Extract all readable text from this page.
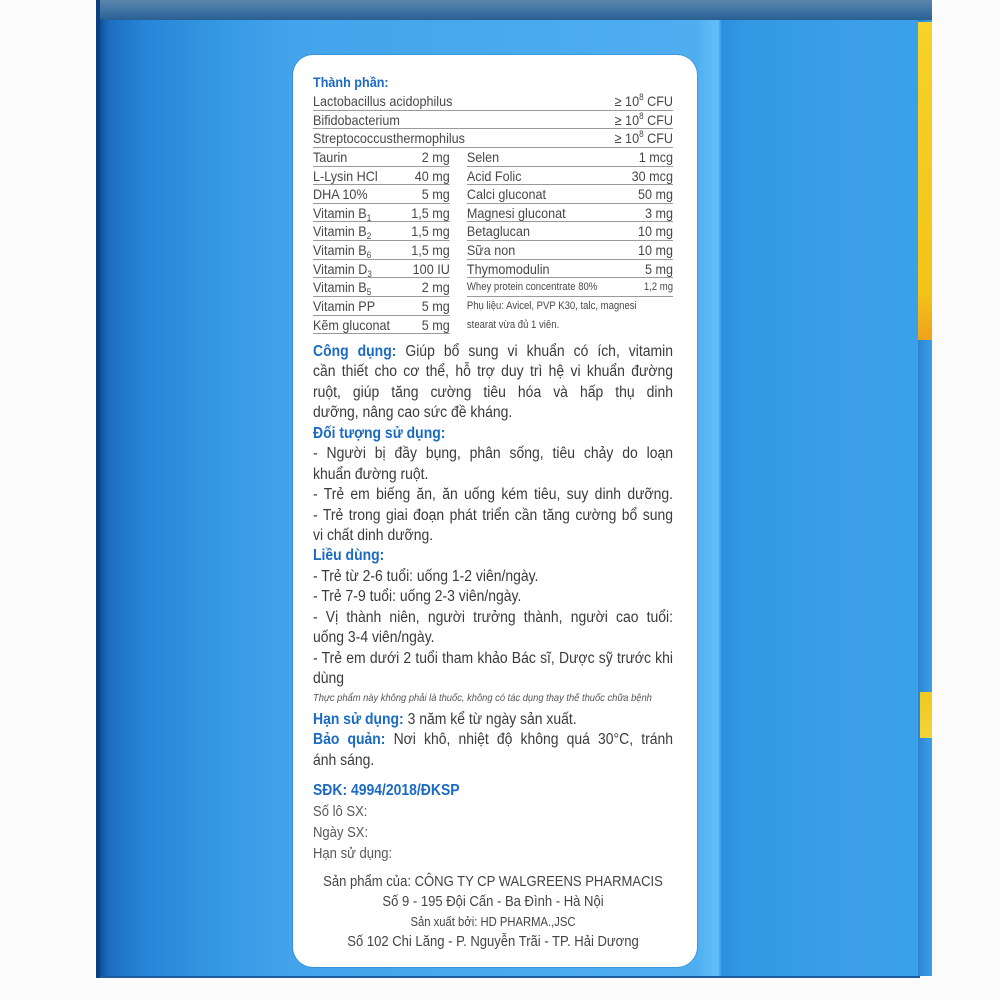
Thành phần:
Lactobacillus acidophilus	≥ $10^8$ CFU
Bifidobacterium	≥ $10^8$ CFU
Streptococcusthermophilus	≥ $10^8$ CFU
Taurin	2 mg
L-Lysin HCl	40 mg
DHA 10%	5 mg
Vitamin $B_1$	1,5 mg
Vitamin $B_2$	1,5 mg
Vitamin $B_6$	1,5 mg
Vitamin $D_3$	100 IU
Vitamin $B_5$	2 mg
Vitamin PP	5 mg
Kẽm gluconat 5 mg
Selen	1 mcg
Acid Folic	30 mcg
Calci gluconat	50 mg
Magnesi gluconat	3 mg
Betaglucan	10 mg
Sữa non	10 mg
Thymomodulin	5 mg
Whey protein concentrate 80%	1,2 mg
Phụ liệu: Avicel, PVP K30, talc, magnesi
stearat vừa đủ 1 viên.
Công dụng: Giúp bổ sung vi khuẩn có ích, vitamin
cần thiết cho cơ thể, hỗ trợ duy trì hệ vi khuẩn đường
ruột, giúp tăng cường tiêu hóa và hấp thụ dinh
dưỡng, nâng cao sức đề kháng.
Đối tượng sử dụng:
- Người bị đầy bụng, phân sống, tiêu chảy do loạn
khuẩn đường ruột.
- Trẻ em biếng ăn, ăn uống kém tiêu, suy dinh dưỡng.
- Trẻ trong giai đoạn phát triển cần tăng cường bổ sung
vi chất dinh dưỡng.
Liều dùng:
- Trẻ từ 2-6 tuổi: uống 1-2 viên/ngày.
- Trẻ 7-9 tuổi: uống 2-3 viên/ngày.
- Vị thành niên, người trưởng thành, người cao tuổi:
uống 3-4 viên/ngày.
- Trẻ em dưới 2 tuổi tham khảo Bác sĩ, Dược sỹ trước khi
dùng
Thực phẩm này không phải là thuốc, không có tác dụng thay thế thuốc chữa bệnh
Hạn sử dụng: 3 năm kể từ ngày sản xuất.
Bảo quản: Nơi khô, nhiệt độ không quá 30°C, tránh
ánh sáng.
SĐK: 4994/2018/ĐKSP
Số lô SX:
Ngày SX:
Hạn sử dụng:
Sản phẩm của: CÔNG TY CP WALGREENS PHARMACIS
Số 9 - 195 Đội Cấn - Ba Đình - Hà Nội
Sản xuất bởi: HD PHARMA.,JSC
Số 102 Chi Lăng - P. Nguyễn Trãi - TP. Hải Dương
